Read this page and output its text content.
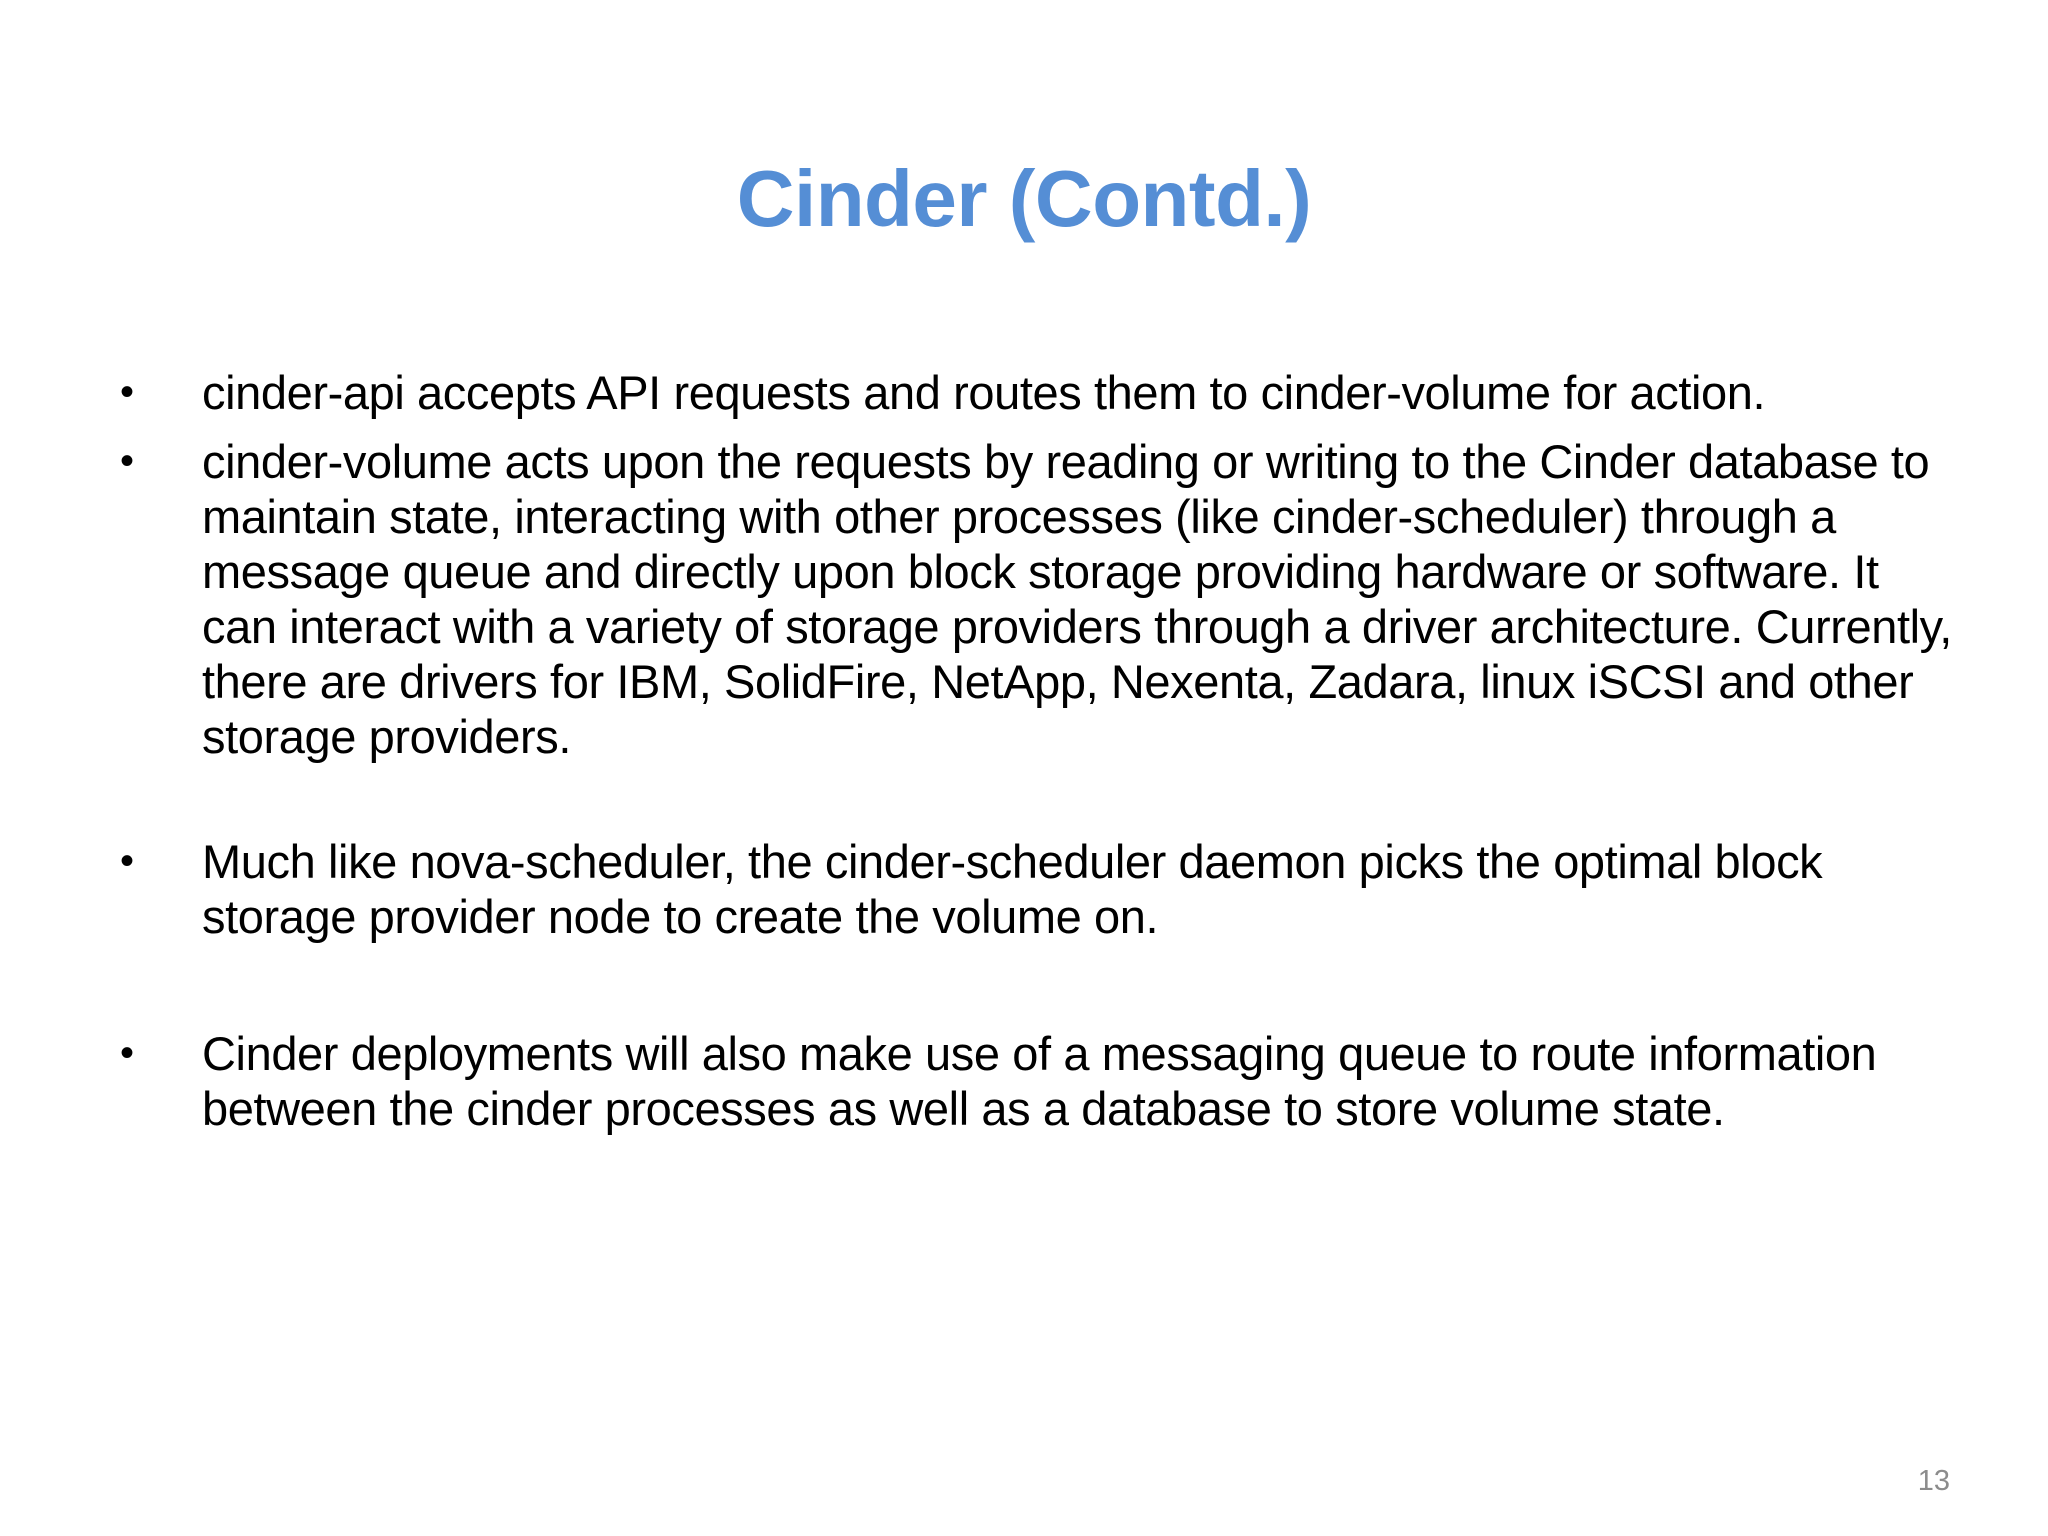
Cinder (Contd.)
•	cinder-api accepts API requests and routes them to cinder-volume for action.
•	cinder-volume acts upon the requests by reading or writing to the Cinder database to maintain state, interacting with other processes (like cinder-scheduler) through a message queue and directly upon block storage providing hardware or software. It can interact with a variety of storage providers through a driver architecture. Currently, there are drivers for IBM, SolidFire, NetApp, Nexenta, Zadara, linux iSCSI and other storage providers.
•	Much like nova-scheduler, the cinder-scheduler daemon picks the optimal block storage provider node to create the volume on.
•	Cinder deployments will also make use of a messaging queue to route information between the cinder processes as well as a database to store volume state.
13
